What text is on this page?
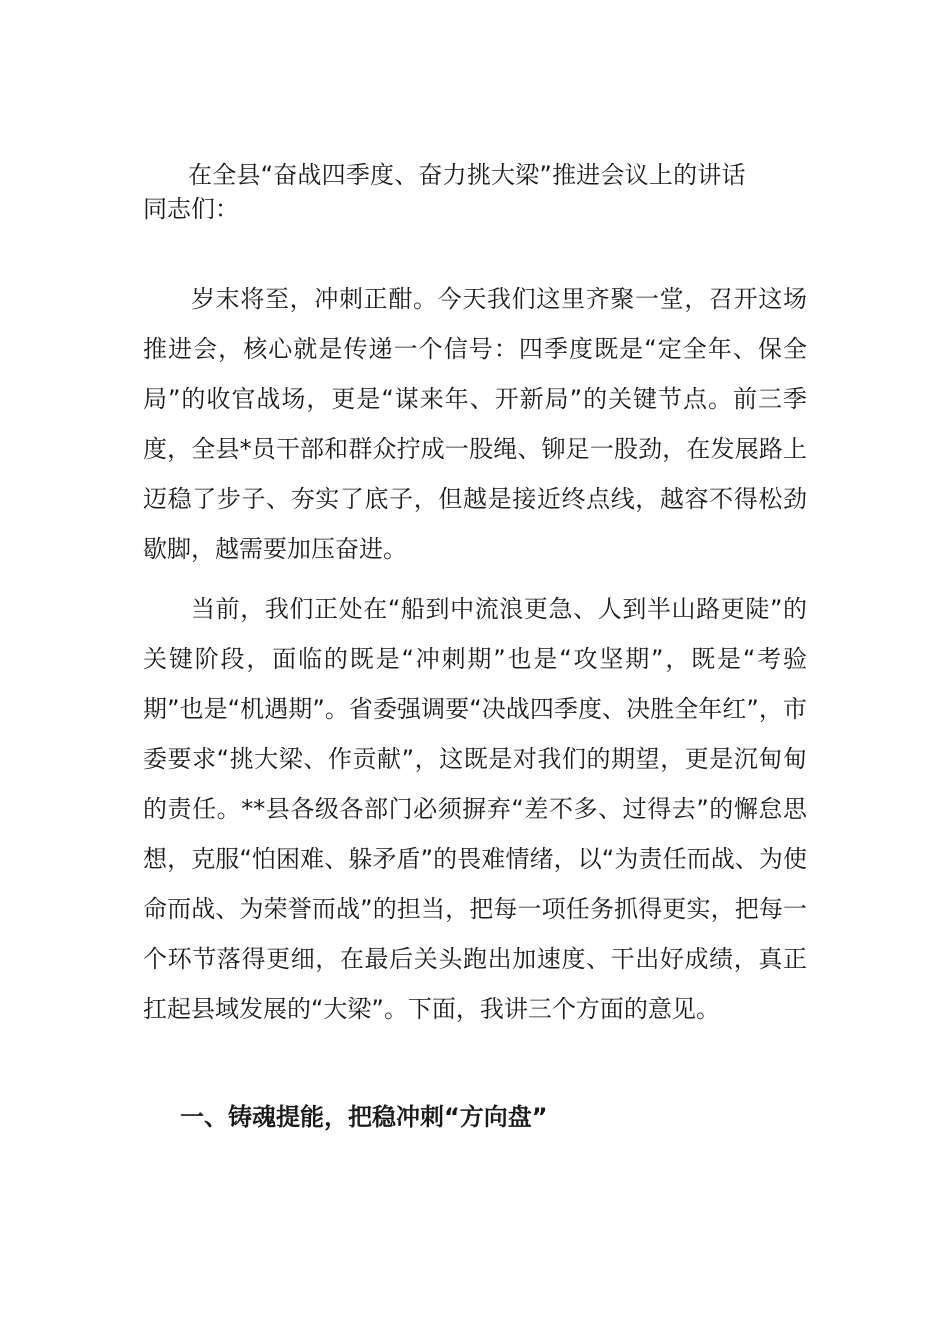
在全县“奋战四季度、奋力挑大梁”推进会议上的讲话
同志们：

岁末将至，冲刺正酣。今天我们这里齐聚一堂，召开这场推进会，核心就是传递一个信号：四季度既是“定全年、保全局”的收官战场，更是“谋来年、开新局”的关键节点。前三季度，全县*员干部和群众拧成一股绳、铆足一股劲，在发展路上迈稳了步子、夯实了底子，但越是接近终点线，越容不得松劲歇脚，越需要加压奋进。

当前，我们正处在“船到中流浪更急、人到半山路更陡”的关键阶段，面临的既是“冲刺期”也是“攻坚期”，既是“考验期”也是“机遇期”。省委强调要“决战四季度、决胜全年红”，市委要求“挑大梁、作贡献”，这既是对我们的期望，更是沉甸甸的责任。**县各级各部门必须摒弃“差不多、过得去”的懈怠思想，克服“怕困难、躲矛盾”的畏难情绪，以“为责任而战、为使命而战、为荣誉而战”的担当，把每一项任务抓得更实，把每一个环节落得更细，在最后关头跑出加速度、干出好成绩，真正扛起县域发展的“大梁”。下面，我讲三个方面的意见。

一、铸魂提能，把稳冲刺“方向盘”
